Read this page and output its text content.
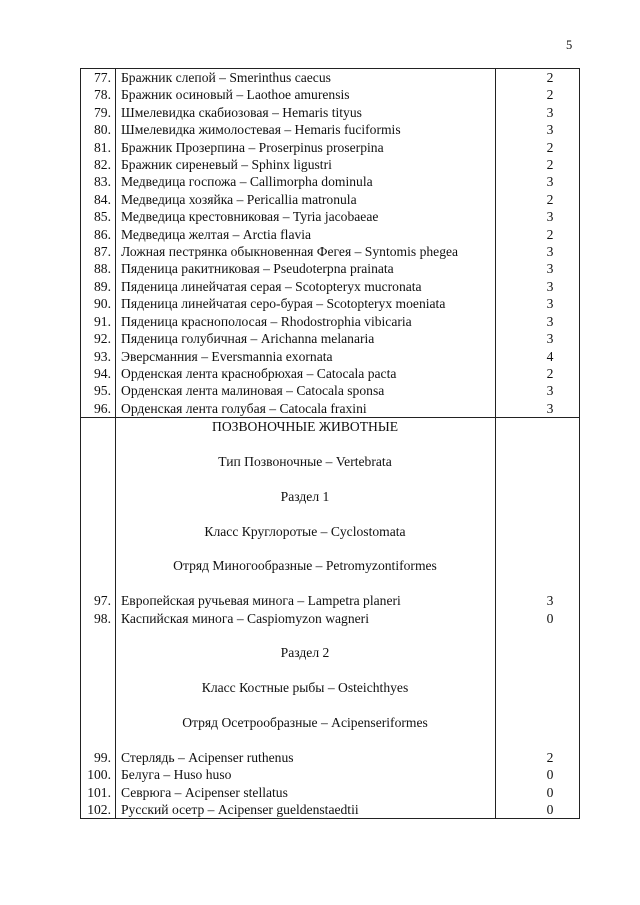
5
77. Бражник слепой – Smerinthus caecus	2
78. Бражник осиновый – Laothoe amurensis	2
79. Шмелевидка скабиозовая – Hemaris tityus	3
80. Шмелевидка жимолостевая – Hemaris fuciformis	3
81. Бражник Прозерпина – Proserpinus proserpina	2
82. Бражник сиреневый – Sphinx ligustri	2
83. Медведица госпожа – Callimorpha dominula	3
84. Медведица хозяйка – Pericallia matronula	2
85. Медведица крестовниковая – Tyria jacobaeae	3
86. Медведица желтая – Arctia flavia	2
87. Ложная пестрянка обыкновенная Фегея – Syntomis phegea	3
88. Пяденица ракитниковая – Pseudoterpna prainata	3
89. Пяденица линейчатая серая – Scotopteryx mucronata	3
90. Пяденица линейчатая серо-бурая – Scotopteryx moeniata	3
91. Пяденица краснополосая – Rhodostrophia vibicaria	3
92. Пяденица голубичная – Arichanna melanaria	3
93. Эверсманния – Eversmannia exornata	4
94. Орденская лента краснобрюхая – Catocala pacta	2
95. Орденская лента малиновая – Catocala sponsa	3
96. Орденская лента голубая – Catocala fraxini	3
ПОЗВОНОЧНЫЕ ЖИВОТНЫЕ
Тип Позвоночные – Vertebrata
Раздел 1
Класс Круглоротые – Cyclostomata
Отряд Миногообразные – Petromyzontiformes
97. Европейская ручьевая минога – Lampetra planeri	3
98. Каспийская минога – Caspiomyzon wagneri	0
Раздел 2
Класс Костные рыбы – Osteichthyes
Отряд Осетрообразные – Acipenseriformes
99. Стерлядь – Acipenser ruthenus	2
100. Белуга – Huso huso	0
101. Севрюга – Acipenser stellatus	0
102. Русский осетр – Acipenser gueldenstaedtii	0
